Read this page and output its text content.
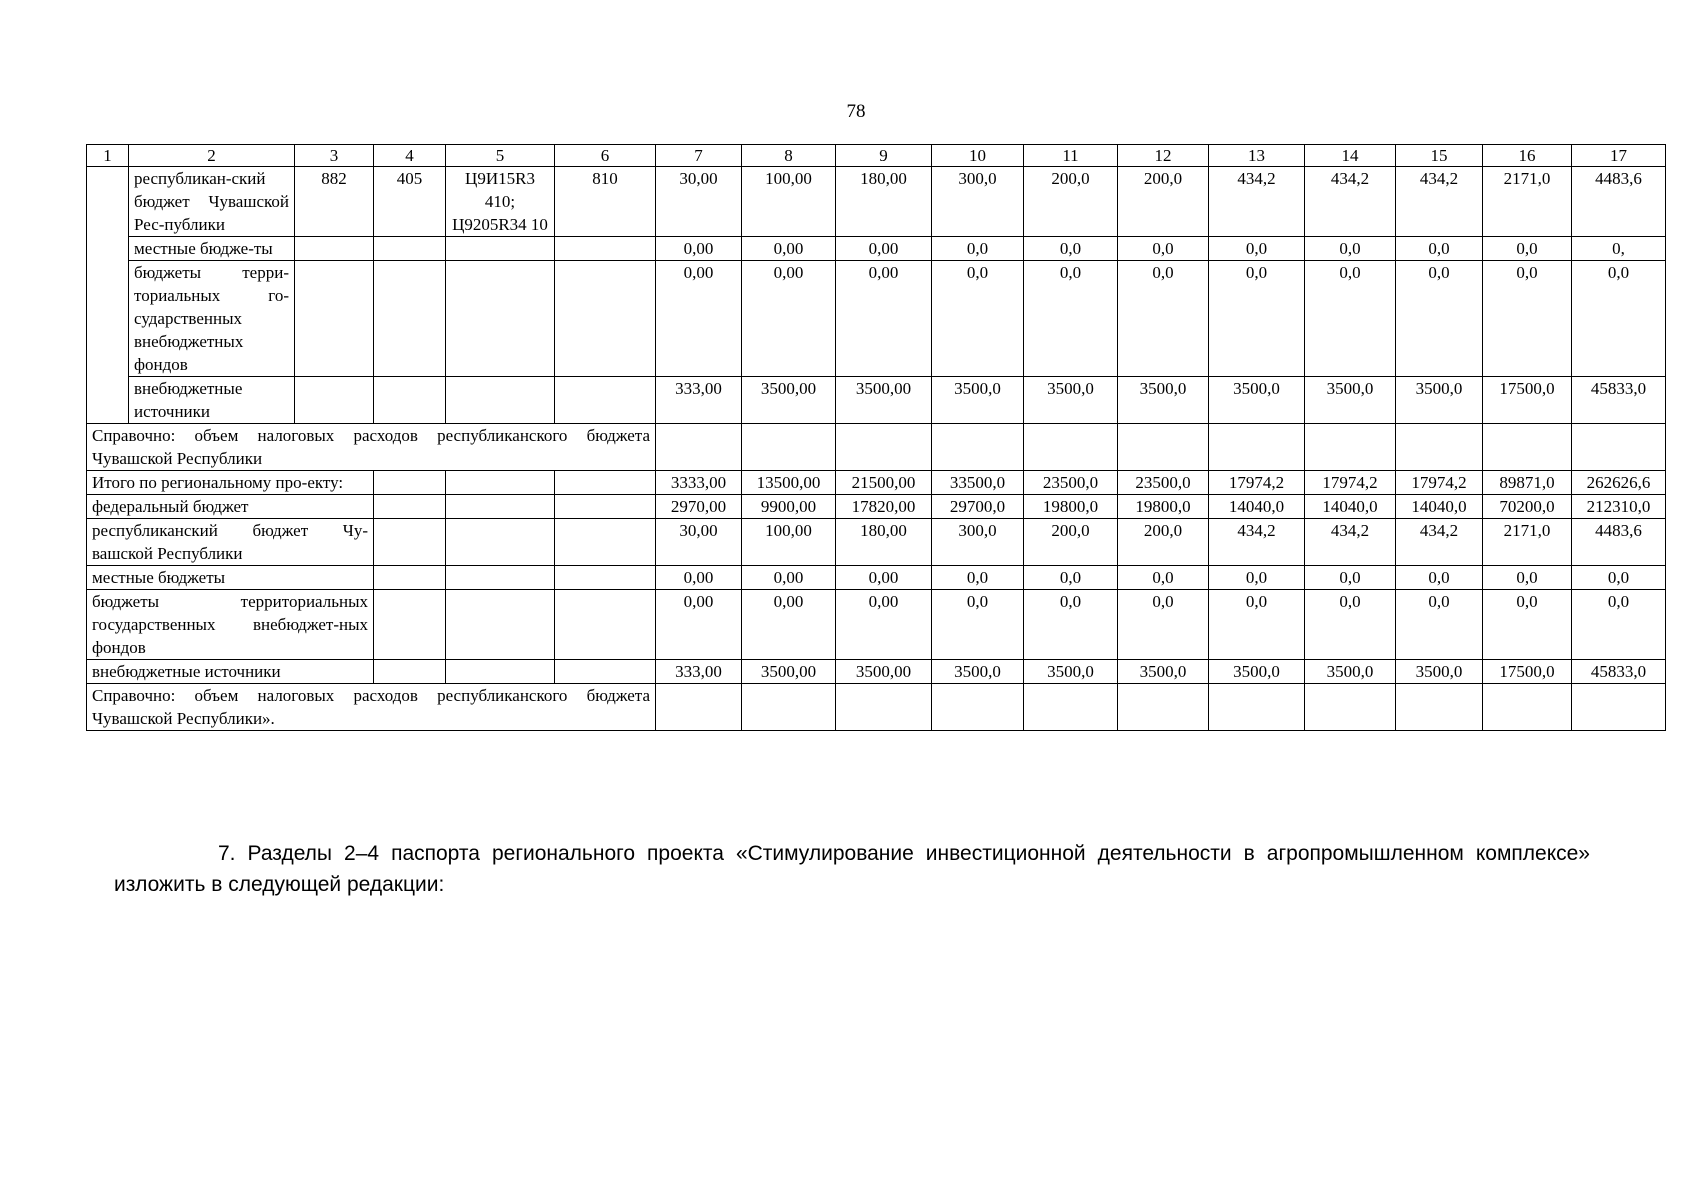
78
1	2	3	4	5	6	7	8	9	10	11	12	13	14	15	16	17
	республикан-ский бюджет Чувашской Рес-публики	882	405	Ц9И15R3 410; Ц9205R34 10	810	30,00	100,00	180,00	300,0	200,0	200,0	434,2	434,2	434,2	2171,0	4483,6
	местные бюдже-ты					0,00	0,00	0,00	0,0	0,0	0,0	0,0	0,0	0,0	0,0	0,
	бюджеты терри-ториальных го-сударственных внебюджетных фондов					0,00	0,00	0,00	0,0	0,0	0,0	0,0	0,0	0,0	0,0	0,0
	внебюджетные источники					333,00	3500,00	3500,00	3500,0	3500,0	3500,0	3500,0	3500,0	3500,0	17500,0	45833,0
Справочно: объем налоговых расходов республиканского бюджета Чувашской Республики																
Итого по региональному про-екту:						3333,00	13500,00	21500,00	33500,0	23500,0	23500,0	17974,2	17974,2	17974,2	89871,0	262626,6
федеральный бюджет						2970,00	9900,00	17820,00	29700,0	19800,0	19800,0	14040,0	14040,0	14040,0	70200,0	212310,0
республиканский бюджет Чу-вашской Республики						30,00	100,00	180,00	300,0	200,0	200,0	434,2	434,2	434,2	2171,0	4483,6
местные бюджеты						0,00	0,00	0,00	0,0	0,0	0,0	0,0	0,0	0,0	0,0	0,0
бюджеты территориальных государственных внебюджет-ных фондов						0,00	0,00	0,00	0,0	0,0	0,0	0,0	0,0	0,0	0,0	0,0
внебюджетные источники						333,00	3500,00	3500,00	3500,0	3500,0	3500,0	3500,0	3500,0	3500,0	17500,0	45833,0
Справочно: объем налоговых расходов республиканского бюджета Чувашской Республики».																
7. Разделы 2–4 паспорта регионального проекта «Стимулирование инвестиционной деятельности в агропромышленном комплексе» изложить в следующей редакции:
